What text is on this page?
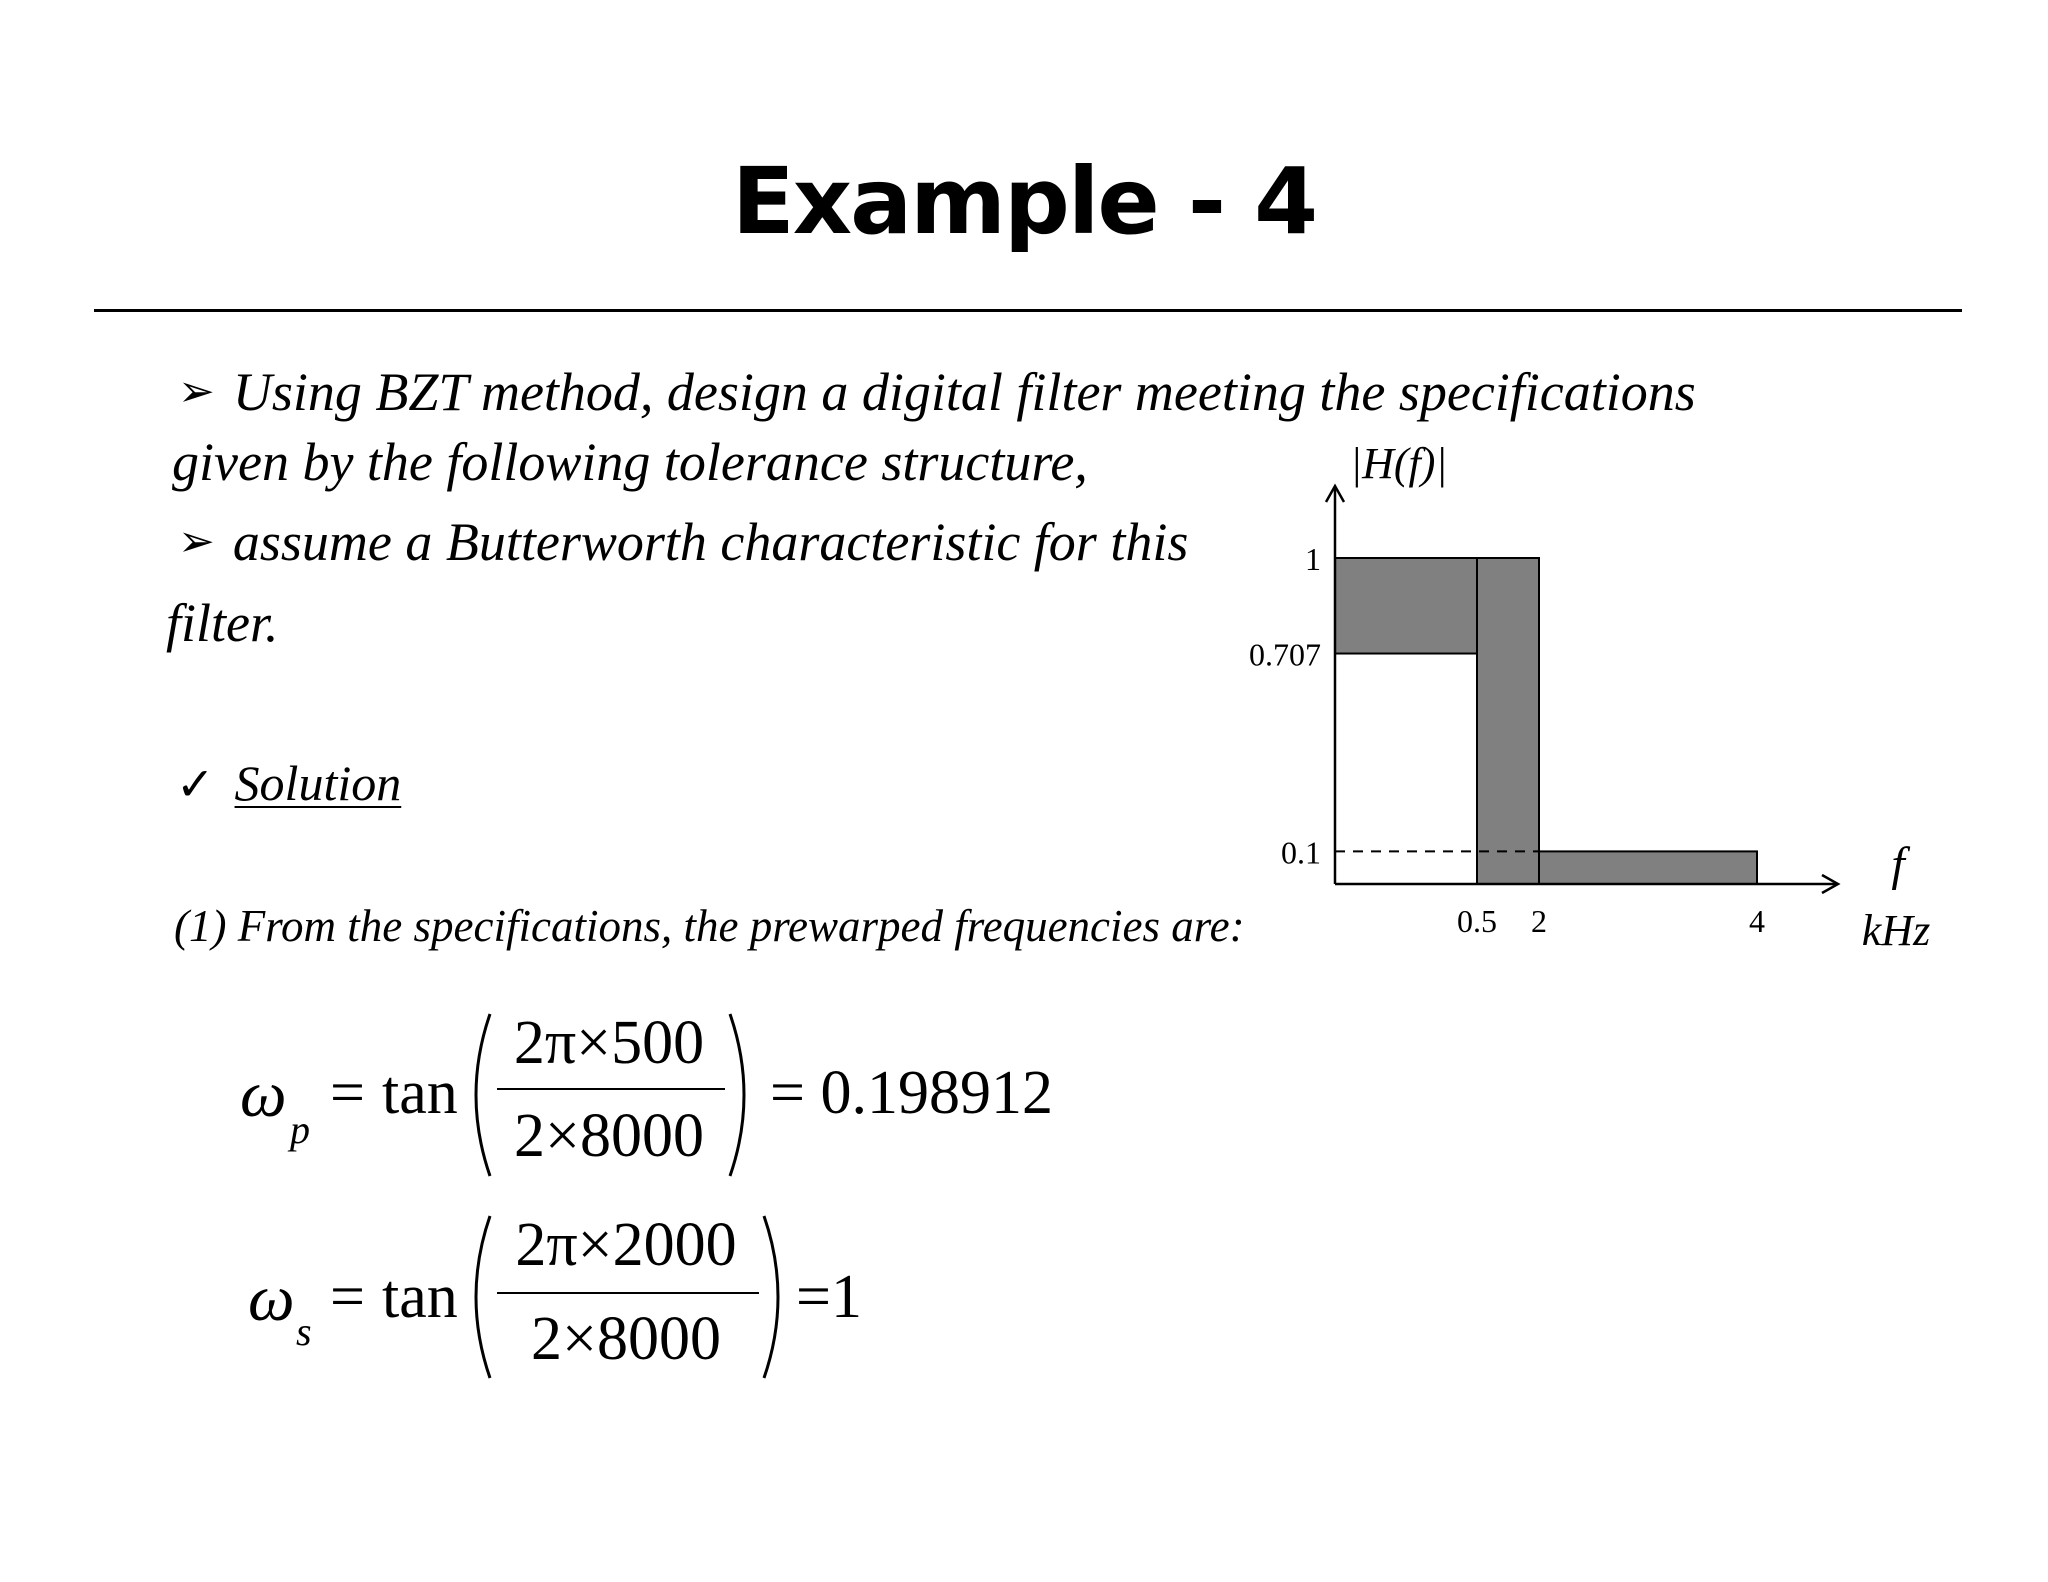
Example - 4
➢ Using BZT method, design a digital filter meeting the specifications
given by the following tolerance structure,
➢ assume a Butterworth characteristic for this
filter.
✓ Solution
(1) From the specifications, the prewarped frequencies are:
ω p
= tan
2π×500
2×8000
= 0.198912
ω s
= tan
2π×2000
2×8000
=1
|H(f)|
f
kHz
1
0.707
0.1
0.5 2	4
